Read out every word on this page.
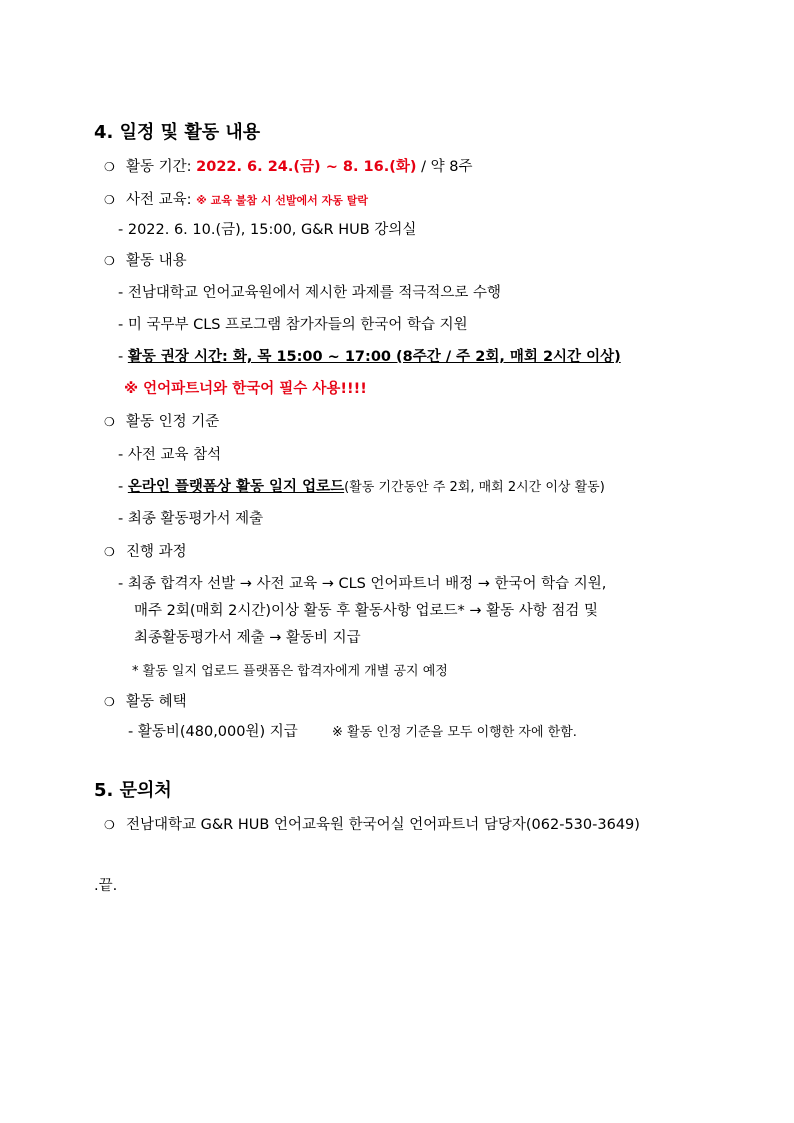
4. 일정 및 활동 내용
❍ 활동 기간: 2022. 6. 24.(금) ~ 8. 16.(화) / 약 8주
❍ 사전 교육: ※ 교육 불참 시 선발에서 자동 탈락
- 2022. 6. 10.(금), 15:00, G&R HUB 강의실
❍ 활동 내용
- 전남대학교 언어교육원에서 제시한 과제를 적극적으로 수행
- 미 국무부 CLS 프로그램 참가자들의 한국어 학습 지원
- 활동 권장 시간: 화, 목 15:00 ~ 17:00 (8주간 / 주 2회, 매회 2시간 이상)
※ 언어파트너와 한국어 필수 사용!!!!
❍ 활동 인정 기준
- 사전 교육 참석
- 온라인 플랫폼상 활동 일지 업로드(활동 기간동안 주 2회, 매회 2시간 이상 활동)
- 최종 활동평가서 제출
❍ 진행 과정
- 최종 합격자 선발 → 사전 교육 → CLS 언어파트너 배정 → 한국어 학습 지원,
매주 2회(매회 2시간)이상 활동 후 활동사항 업로드* → 활동 사항 점검 및
최종활동평가서 제출 → 활동비 지급
* 활동 일지 업로드 플랫폼은 합격자에게 개별 공지 예정
❍ 활동 혜택
- 활동비(480,000원) 지급	※ 활동 인정 기준을 모두 이행한 자에 한함.
5. 문의처
❍ 전남대학교 G&R HUB 언어교육원 한국어실 언어파트너 담당자(062-530-3649)
.끝.
